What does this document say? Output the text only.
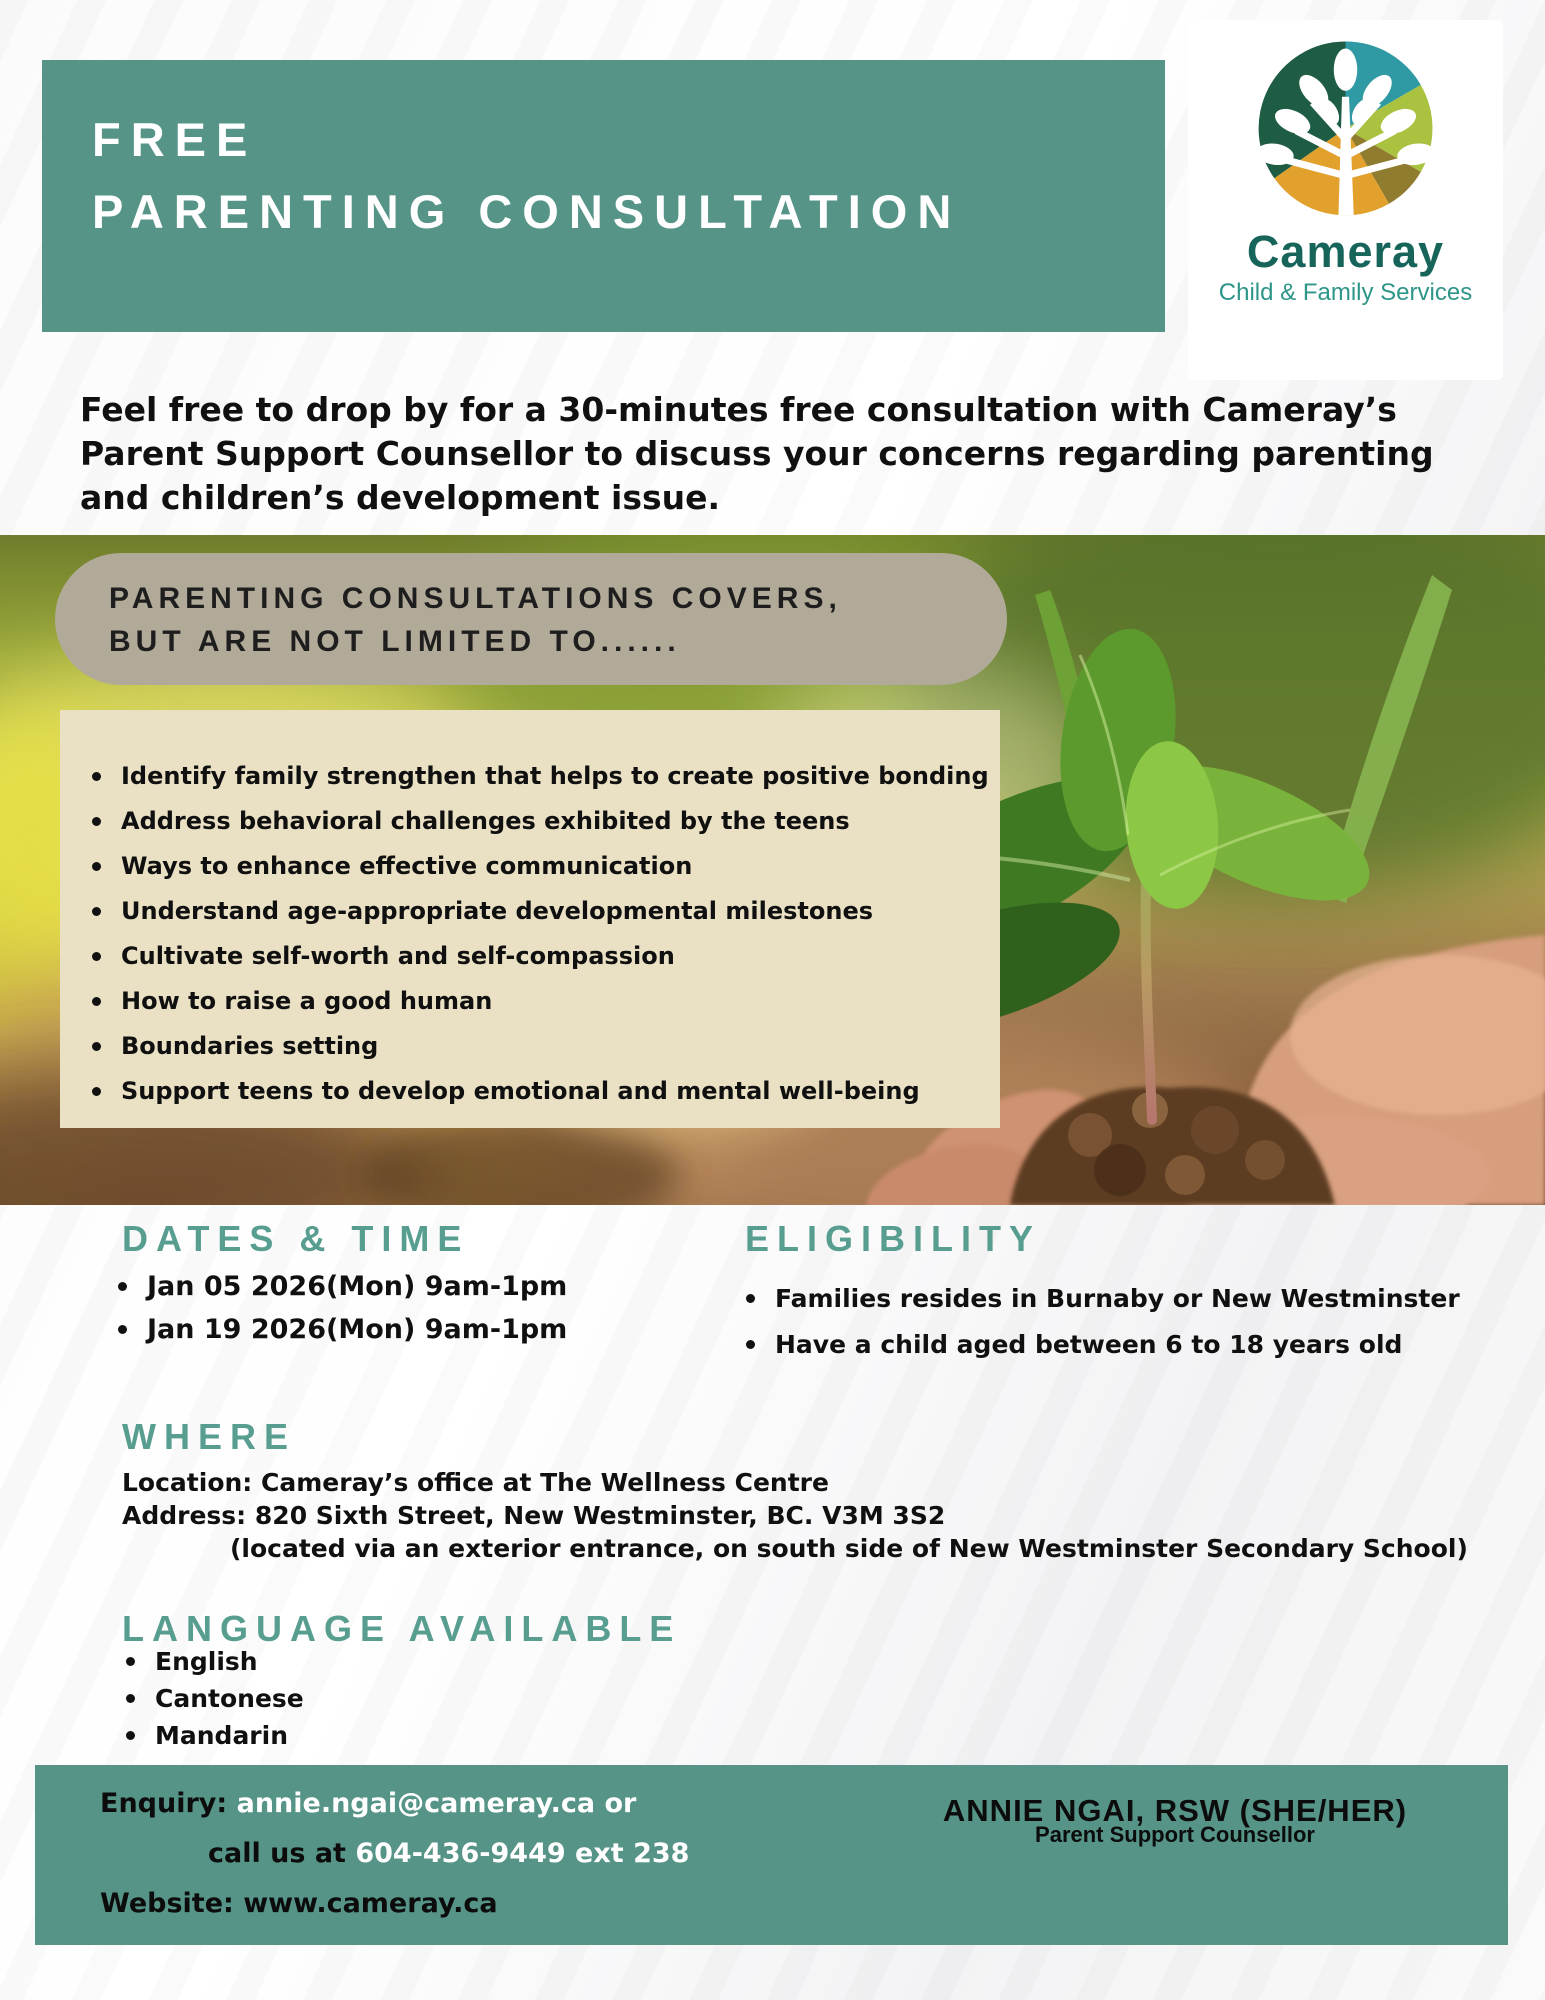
FREE
PARENTING CONSULTATION
Cameray
Child & Family Services
Feel free to drop by for a 30-minutes free consultation with Cameray’s Parent Support Counsellor to discuss your concerns regarding parenting and children’s development issue.
PARENTING CONSULTATIONS COVERS,
BUT ARE NOT LIMITED TO......
Identify family strengthen that helps to create positive bonding
Address behavioral challenges exhibited by the teens
Ways to enhance effective communication
Understand age-appropriate developmental milestones
Cultivate self-worth and self-compassion
How to raise a good human
Boundaries setting
Support teens to develop emotional and mental well-being
DATES & TIME
Jan 05 2026(Mon) 9am-1pm
Jan 19 2026(Mon) 9am-1pm
ELIGIBILITY
Families resides in Burnaby or New Westminster
Have a child aged between 6 to 18 years old
WHERE
Location: Cameray’s office at The Wellness Centre
Address: 820 Sixth Street, New Westminster, BC. V3M 3S2
(located via an exterior entrance, on south side of New Westminster Secondary School)
LANGUAGE AVAILABLE
English
Cantonese
Mandarin
Enquiry: annie.ngai@cameray.ca or
call us at 604-436-9449 ext 238
Website: www.cameray.ca
ANNIE NGAI, RSW (SHE/HER)
Parent Support Counsellor
